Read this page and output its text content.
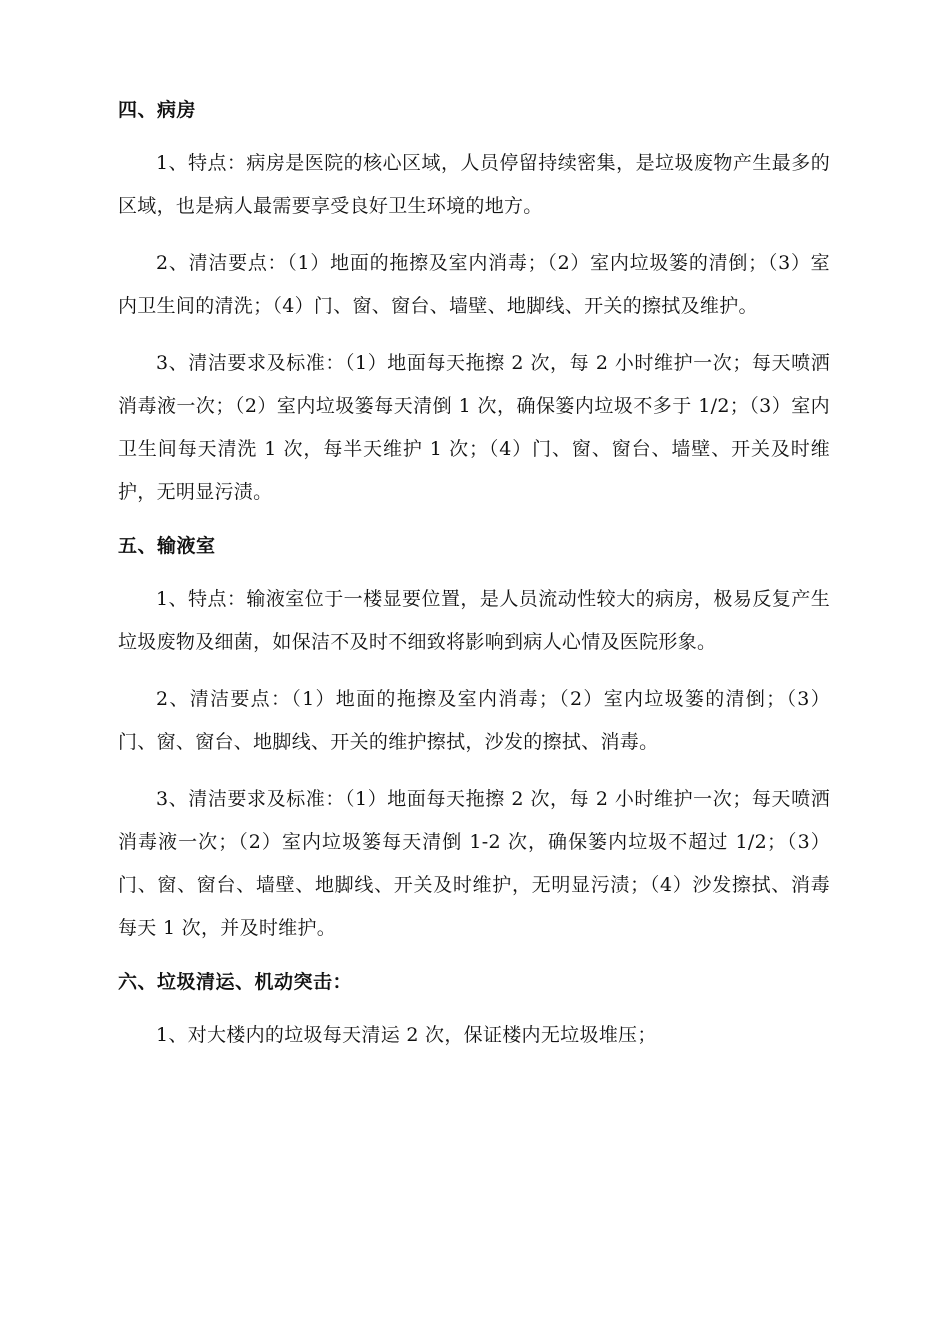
四、病房

1、特点：病房是医院的核心区域，人员停留持续密集，是垃圾废物产生最多的区域，也是病人最需要享受良好卫生环境的地方。

2、清洁要点：（1）地面的拖擦及室内消毒；（2）室内垃圾篓的清倒；（3）室内卫生间的清洗；（4）门、窗、窗台、墙壁、地脚线、开关的擦拭及维护。

3、清洁要求及标准：（1）地面每天拖擦 2 次，每 2 小时维护一次；每天喷洒消毒液一次；（2）室内垃圾篓每天清倒 1 次，确保篓内垃圾不多于 1/2；（3）室内卫生间每天清洗 1 次，每半天维护 1 次；（4）门、窗、窗台、墙壁、开关及时维护，无明显污渍。

五、输液室

1、特点：输液室位于一楼显要位置，是人员流动性较大的病房，极易反复产生垃圾废物及细菌，如保洁不及时不细致将影响到病人心情及医院形象。

2、清洁要点：（1）地面的拖擦及室内消毒；（2）室内垃圾篓的清倒；（3）门、窗、窗台、地脚线、开关的维护擦拭，沙发的擦拭、消毒。

3、清洁要求及标准：（1）地面每天拖擦 2 次，每 2 小时维护一次；每天喷洒消毒液一次；（2）室内垃圾篓每天清倒 1-2 次，确保篓内垃圾不超过 1/2；（3）门、窗、窗台、墙壁、地脚线、开关及时维护，无明显污渍；（4）沙发擦拭、消毒每天 1 次，并及时维护。

六、垃圾清运、机动突击：

1、对大楼内的垃圾每天清运 2 次，保证楼内无垃圾堆压；
